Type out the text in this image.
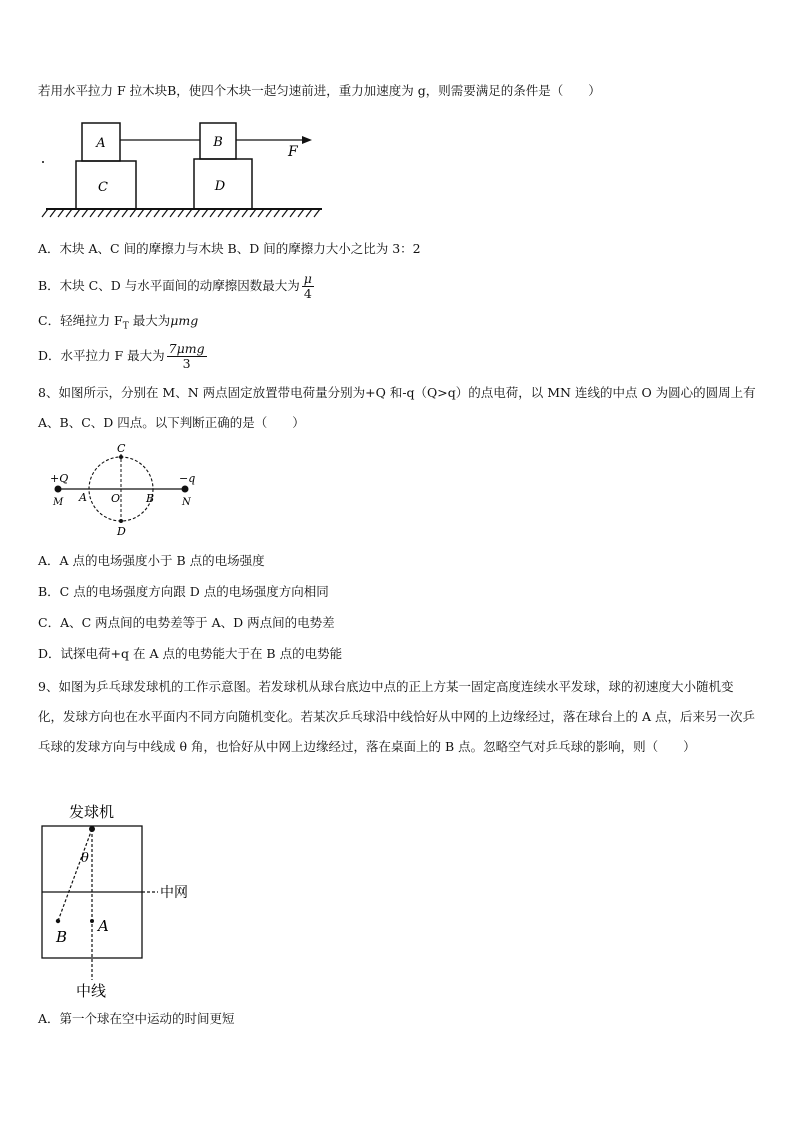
若用水平拉力 F 拉木块B，使四个木块一起匀速前进，重力加速度为 g，则需要满足的条件是（　　）
A
C
B
D
F
A．木块 A、C 间的摩擦力与木块 B、D 间的摩擦力大小之比为 3：2
B．木块 C、D 与水平面间的动摩擦因数最大为 $\frac{\mu}{4}$
C．轻绳拉力 $F_T$ 最大为μmg
D．水平拉力 F 最大为 $\frac{\text{7μmg}}{3}$
8、如图所示，分别在 M、N 两点固定放置带电荷量分别为+Q 和-q（Q>q）的点电荷，以 MN 连线的中点 O 为圆心的圆周上有 A、B、C、D 四点。以下判断正确的是（　　）
+Q	−q
M	N
A O B
C
D
A．A 点的电场强度小于 B 点的电场强度
B．C 点的电场强度方向跟 D 点的电场强度方向相同
C．A、C 两点间的电势差等于 A、D 两点间的电势差
D．试探电荷+q 在 A 点的电势能大于在 B 点的电势能
9、如图为乒乓球发球机的工作示意图。若发球机从球台底边中点的正上方某一固定高度连续水平发球，球的初速度大小随机变化，发球方向也在水平面内不同方向随机变化。若某次乒乓球沿中线恰好从中网的上边缘经过，落在球台上的 A 点，后来另一次乒乓球的发球方向与中线成 θ 角，也恰好从中网上边缘经过，落在桌面上的 B 点。忽略空气对乒乓球的影响，则（　　）
发球机
中网
θ
A
B
中线
A．第一个球在空中运动的时间更短
